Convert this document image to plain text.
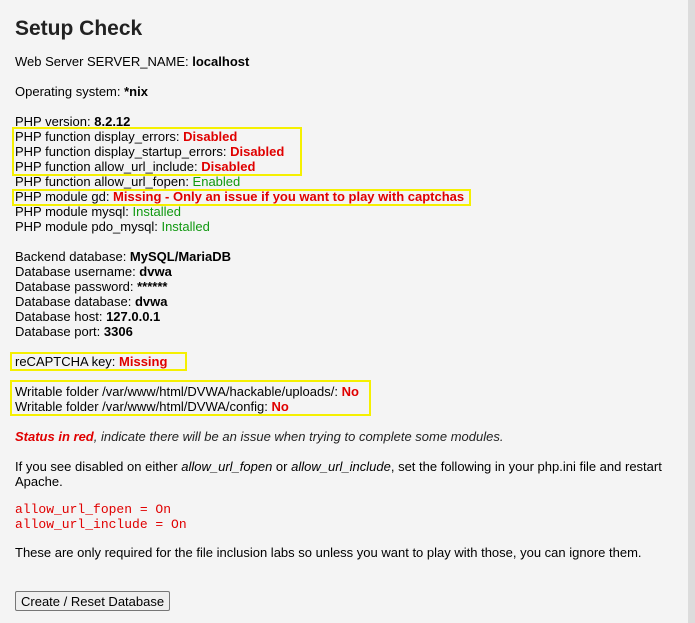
Setup Check
Web Server SERVER_NAME: localhost
Operating system: *nix
PHP version: 8.2.12
PHP function display_errors: Disabled
PHP function display_startup_errors: Disabled
PHP function allow_url_include: Disabled
PHP function allow_url_fopen: Enabled
PHP module gd: Missing - Only an issue if you want to play with captchas
PHP module mysql: Installed
PHP module pdo_mysql: Installed
Backend database: MySQL/MariaDB
Database username: dvwa
Database password: ******
Database database: dvwa
Database host: 127.0.0.1
Database port: 3306
reCAPTCHA key: Missing
Writable folder /var/www/html/DVWA/hackable/uploads/: No
Writable folder /var/www/html/DVWA/config: No
Status in red, indicate there will be an issue when trying to complete some modules.
If you see disabled on either allow_url_fopen or allow_url_include, set the following in your php.ini file and restart Apache.
allow_url_fopen = On
allow_url_include = On
These are only required for the file inclusion labs so unless you want to play with those, you can ignore them.
Create / Reset Database
